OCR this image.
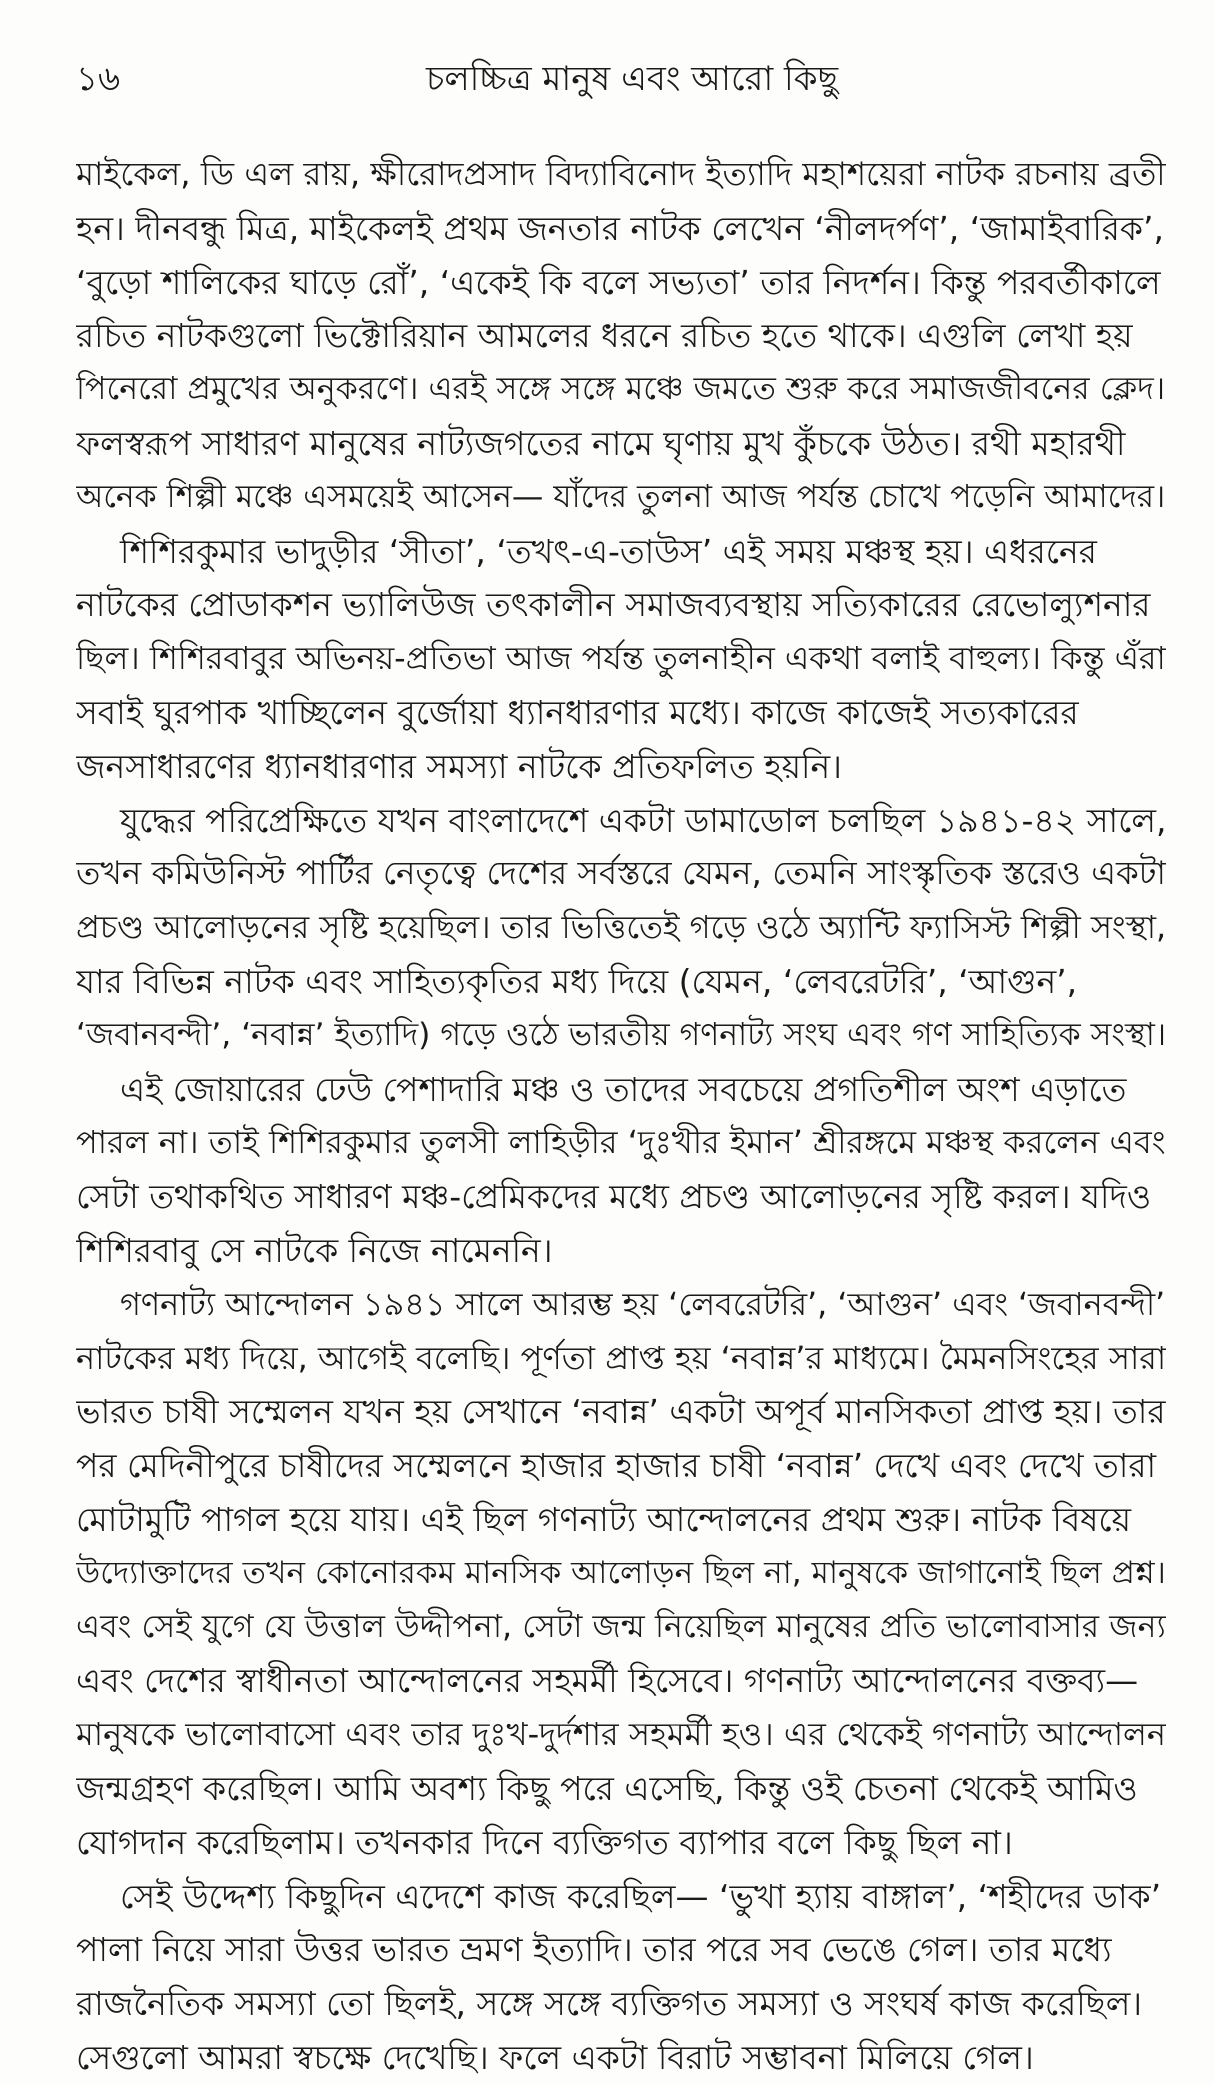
১৬	চলচ্চিত্র মানুষ এবং আরো কিছু
মাইকেল, ডি এল রায়, ক্ষীরোদপ্রসাদ বিদ্যাবিনোদ ইত্যাদি মহাশয়েরা নাটক রচনায় ব্রতী
হন। দীনবন্ধু মিত্র, মাইকেলই প্রথম জনতার নাটক লেখেন ‘নীলদর্পণ’, ‘জামাইবারিক’,
‘বুড়ো শালিকের ঘাড়ে রোঁ’, ‘একেই কি বলে সভ্যতা’ তার নিদর্শন। কিন্তু পরবর্তীকালে
রচিত নাটকগুলো ভিক্টোরিয়ান আমলের ধরনে রচিত হতে থাকে। এগুলি লেখা হয়
পিনেরো প্রমুখের অনুকরণে। এরই সঙ্গে সঙ্গে মঞ্চে জমতে শুরু করে সমাজজীবনের ক্লেদ।
ফলস্বরূপ সাধারণ মানুষের নাট্যজগতের নামে ঘৃণায় মুখ কুঁচকে উঠত। রথী মহারথী
অনেক শিল্পী মঞ্চে এসময়েই আসেন— যাঁদের তুলনা আজ পর্যন্ত চোখে পড়েনি আমাদের।
শিশিরকুমার ভাদুড়ীর ‘সীতা’, ‘তখৎ-এ-তাউস’ এই সময় মঞ্চস্থ হয়। এধরনের
নাটকের প্রোডাকশন ভ্যালিউজ তৎকালীন সমাজব্যবস্থায় সত্যিকারের রেভোল্যুশনার
ছিল। শিশিরবাবুর অভিনয়-প্রতিভা আজ পর্যন্ত তুলনাহীন একথা বলাই বাহুল্য। কিন্তু এঁরা
সবাই ঘুরপাক খাচ্ছিলেন বুর্জোয়া ধ্যানধারণার মধ্যে। কাজে কাজেই সত্যকারের
জনসাধারণের ধ্যানধারণার সমস্যা নাটকে প্রতিফলিত হয়নি।
যুদ্ধের পরিপ্রেক্ষিতে যখন বাংলাদেশে একটা ডামাডোল চলছিল ১৯৪১-৪২ সালে,
তখন কমিউনিস্ট পার্টির নেতৃত্বে দেশের সর্বস্তরে যেমন, তেমনি সাংস্কৃতিক স্তরেও একটা
প্রচণ্ড আলোড়নের সৃষ্টি হয়েছিল। তার ভিত্তিতেই গড়ে ওঠে অ্যান্টি ফ্যাসিস্ট শিল্পী সংস্থা,
যার বিভিন্ন নাটক এবং সাহিত্যকৃতির মধ্য দিয়ে (যেমন, ‘লেবরেটরি’, ‘আগুন’,
‘জবানবন্দী’, ‘নবান্ন’ ইত্যাদি) গড়ে ওঠে ভারতীয় গণনাট্য সংঘ এবং গণ সাহিত্যিক সংস্থা।
এই জোয়ারের ঢেউ পেশাদারি মঞ্চ ও তাদের সবচেয়ে প্রগতিশীল অংশ এড়াতে
পারল না। তাই শিশিরকুমার তুলসী লাহিড়ীর ‘দুঃখীর ইমান’ শ্রীরঙ্গমে মঞ্চস্থ করলেন এবং
সেটা তথাকথিত সাধারণ মঞ্চ-প্রেমিকদের মধ্যে প্রচণ্ড আলোড়নের সৃষ্টি করল। যদিও
শিশিরবাবু সে নাটকে নিজে নামেননি।
গণনাট্য আন্দোলন ১৯৪১ সালে আরম্ভ হয় ‘লেবরেটরি’, ‘আগুন’ এবং ‘জবানবন্দী’
নাটকের মধ্য দিয়ে, আগেই বলেছি। পূর্ণতা প্রাপ্ত হয় ‘নবান্ন’র মাধ্যমে। মৈমনসিংহের সারা
ভারত চাষী সম্মেলন যখন হয় সেখানে ‘নবান্ন’ একটা অপূর্ব মানসিকতা প্রাপ্ত হয়। তার
পর মেদিনীপুরে চাষীদের সম্মেলনে হাজার হাজার চাষী ‘নবান্ন’ দেখে এবং দেখে তারা
মোটামুটি পাগল হয়ে যায়। এই ছিল গণনাট্য আন্দোলনের প্রথম শুরু। নাটক বিষয়ে
উদ্যোক্তাদের তখন কোনোরকম মানসিক আলোড়ন ছিল না, মানুষকে জাগানোই ছিল প্রশ্ন।
এবং সেই যুগে যে উত্তাল উদ্দীপনা, সেটা জন্ম নিয়েছিল মানুষের প্রতি ভালোবাসার জন্য
এবং দেশের স্বাধীনতা আন্দোলনের সহমর্মী হিসেবে। গণনাট্য আন্দোলনের বক্তব্য—
মানুষকে ভালোবাসো এবং তার দুঃখ-দুর্দশার সহমর্মী হও। এর থেকেই গণনাট্য আন্দোলন
জন্মগ্রহণ করেছিল। আমি অবশ্য কিছু পরে এসেছি, কিন্তু ওই চেতনা থেকেই আমিও
যোগদান করেছিলাম। তখনকার দিনে ব্যক্তিগত ব্যাপার বলে কিছু ছিল না।
সেই উদ্দেশ্য কিছুদিন এদেশে কাজ করেছিল— ‘ভুখা হ্যায় বাঙ্গাল’, ‘শহীদের ডাক’
পালা নিয়ে সারা উত্তর ভারত ভ্রমণ ইত্যাদি। তার পরে সব ভেঙে গেল। তার মধ্যে
রাজনৈতিক সমস্যা তো ছিলই, সঙ্গে সঙ্গে ব্যক্তিগত সমস্যা ও সংঘর্ষ কাজ করেছিল।
সেগুলো আমরা স্বচক্ষে দেখেছি। ফলে একটা বিরাট সম্ভাবনা মিলিয়ে গেল।
